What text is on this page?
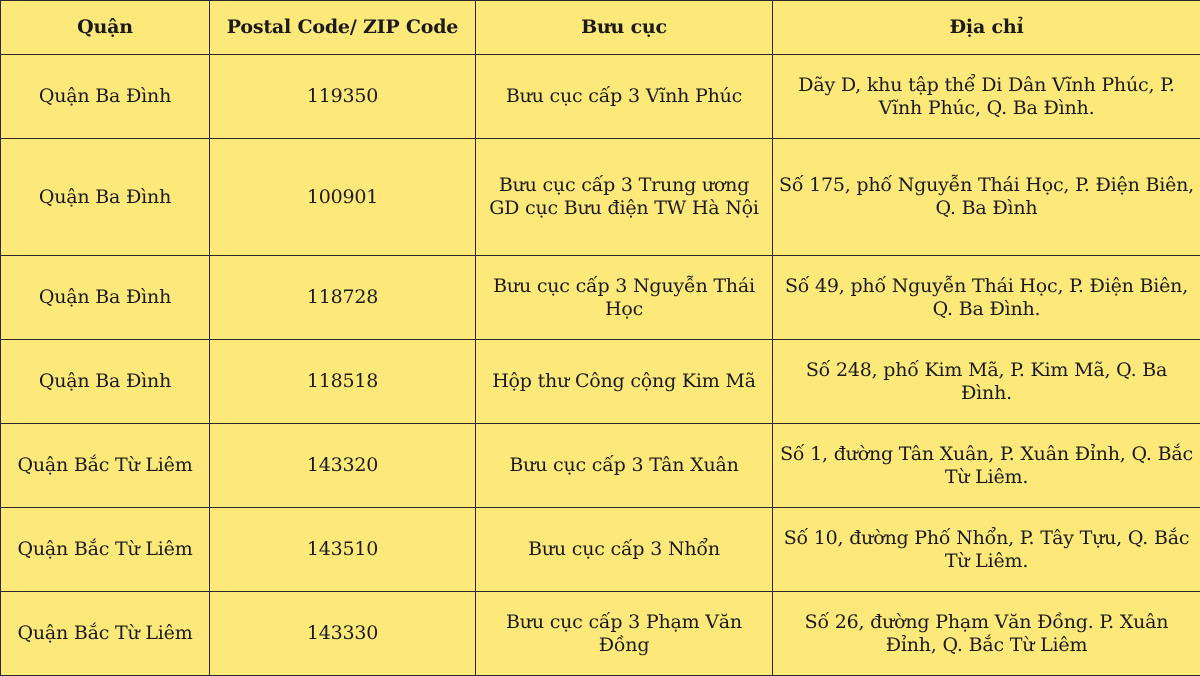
Quận	Postal Code/ ZIP Code	Bưu cục	Địa chỉ
Quận Ba Đình	119350	Bưu cục cấp 3 Vĩnh Phúc	Dãy D, khu tập thể Di Dân Vĩnh Phúc, P. Vĩnh Phúc, Q. Ba Đình.
Quận Ba Đình	100901	Bưu cục cấp 3 Trung ương GD cục Bưu điện TW Hà Nội	Số 175, phố Nguyễn Thái Học, P. Điện Biên, Q. Ba Đình
Quận Ba Đình	118728	Bưu cục cấp 3 Nguyễn Thái Học	Số 49, phố Nguyễn Thái Học, P. Điện Biên, Q. Ba Đình.
Quận Ba Đình	118518	Hộp thư Công cộng Kim Mã	Số 248, phố Kim Mã, P. Kim Mã, Q. Ba Đình.
Quận Bắc Từ Liêm	143320	Bưu cục cấp 3 Tân Xuân	Số 1, đường Tân Xuân, P. Xuân Đỉnh, Q. Bắc Từ Liêm.
Quận Bắc Từ Liêm	143510	Bưu cục cấp 3 Nhổn	Số 10, đường Phố Nhổn, P. Tây Tựu, Q. Bắc Từ Liêm.
Quận Bắc Từ Liêm	143330	Bưu cục cấp 3 Phạm Văn Đồng	Số 26, đường Phạm Văn Đồng. P. Xuân Đỉnh, Q. Bắc Từ Liêm
